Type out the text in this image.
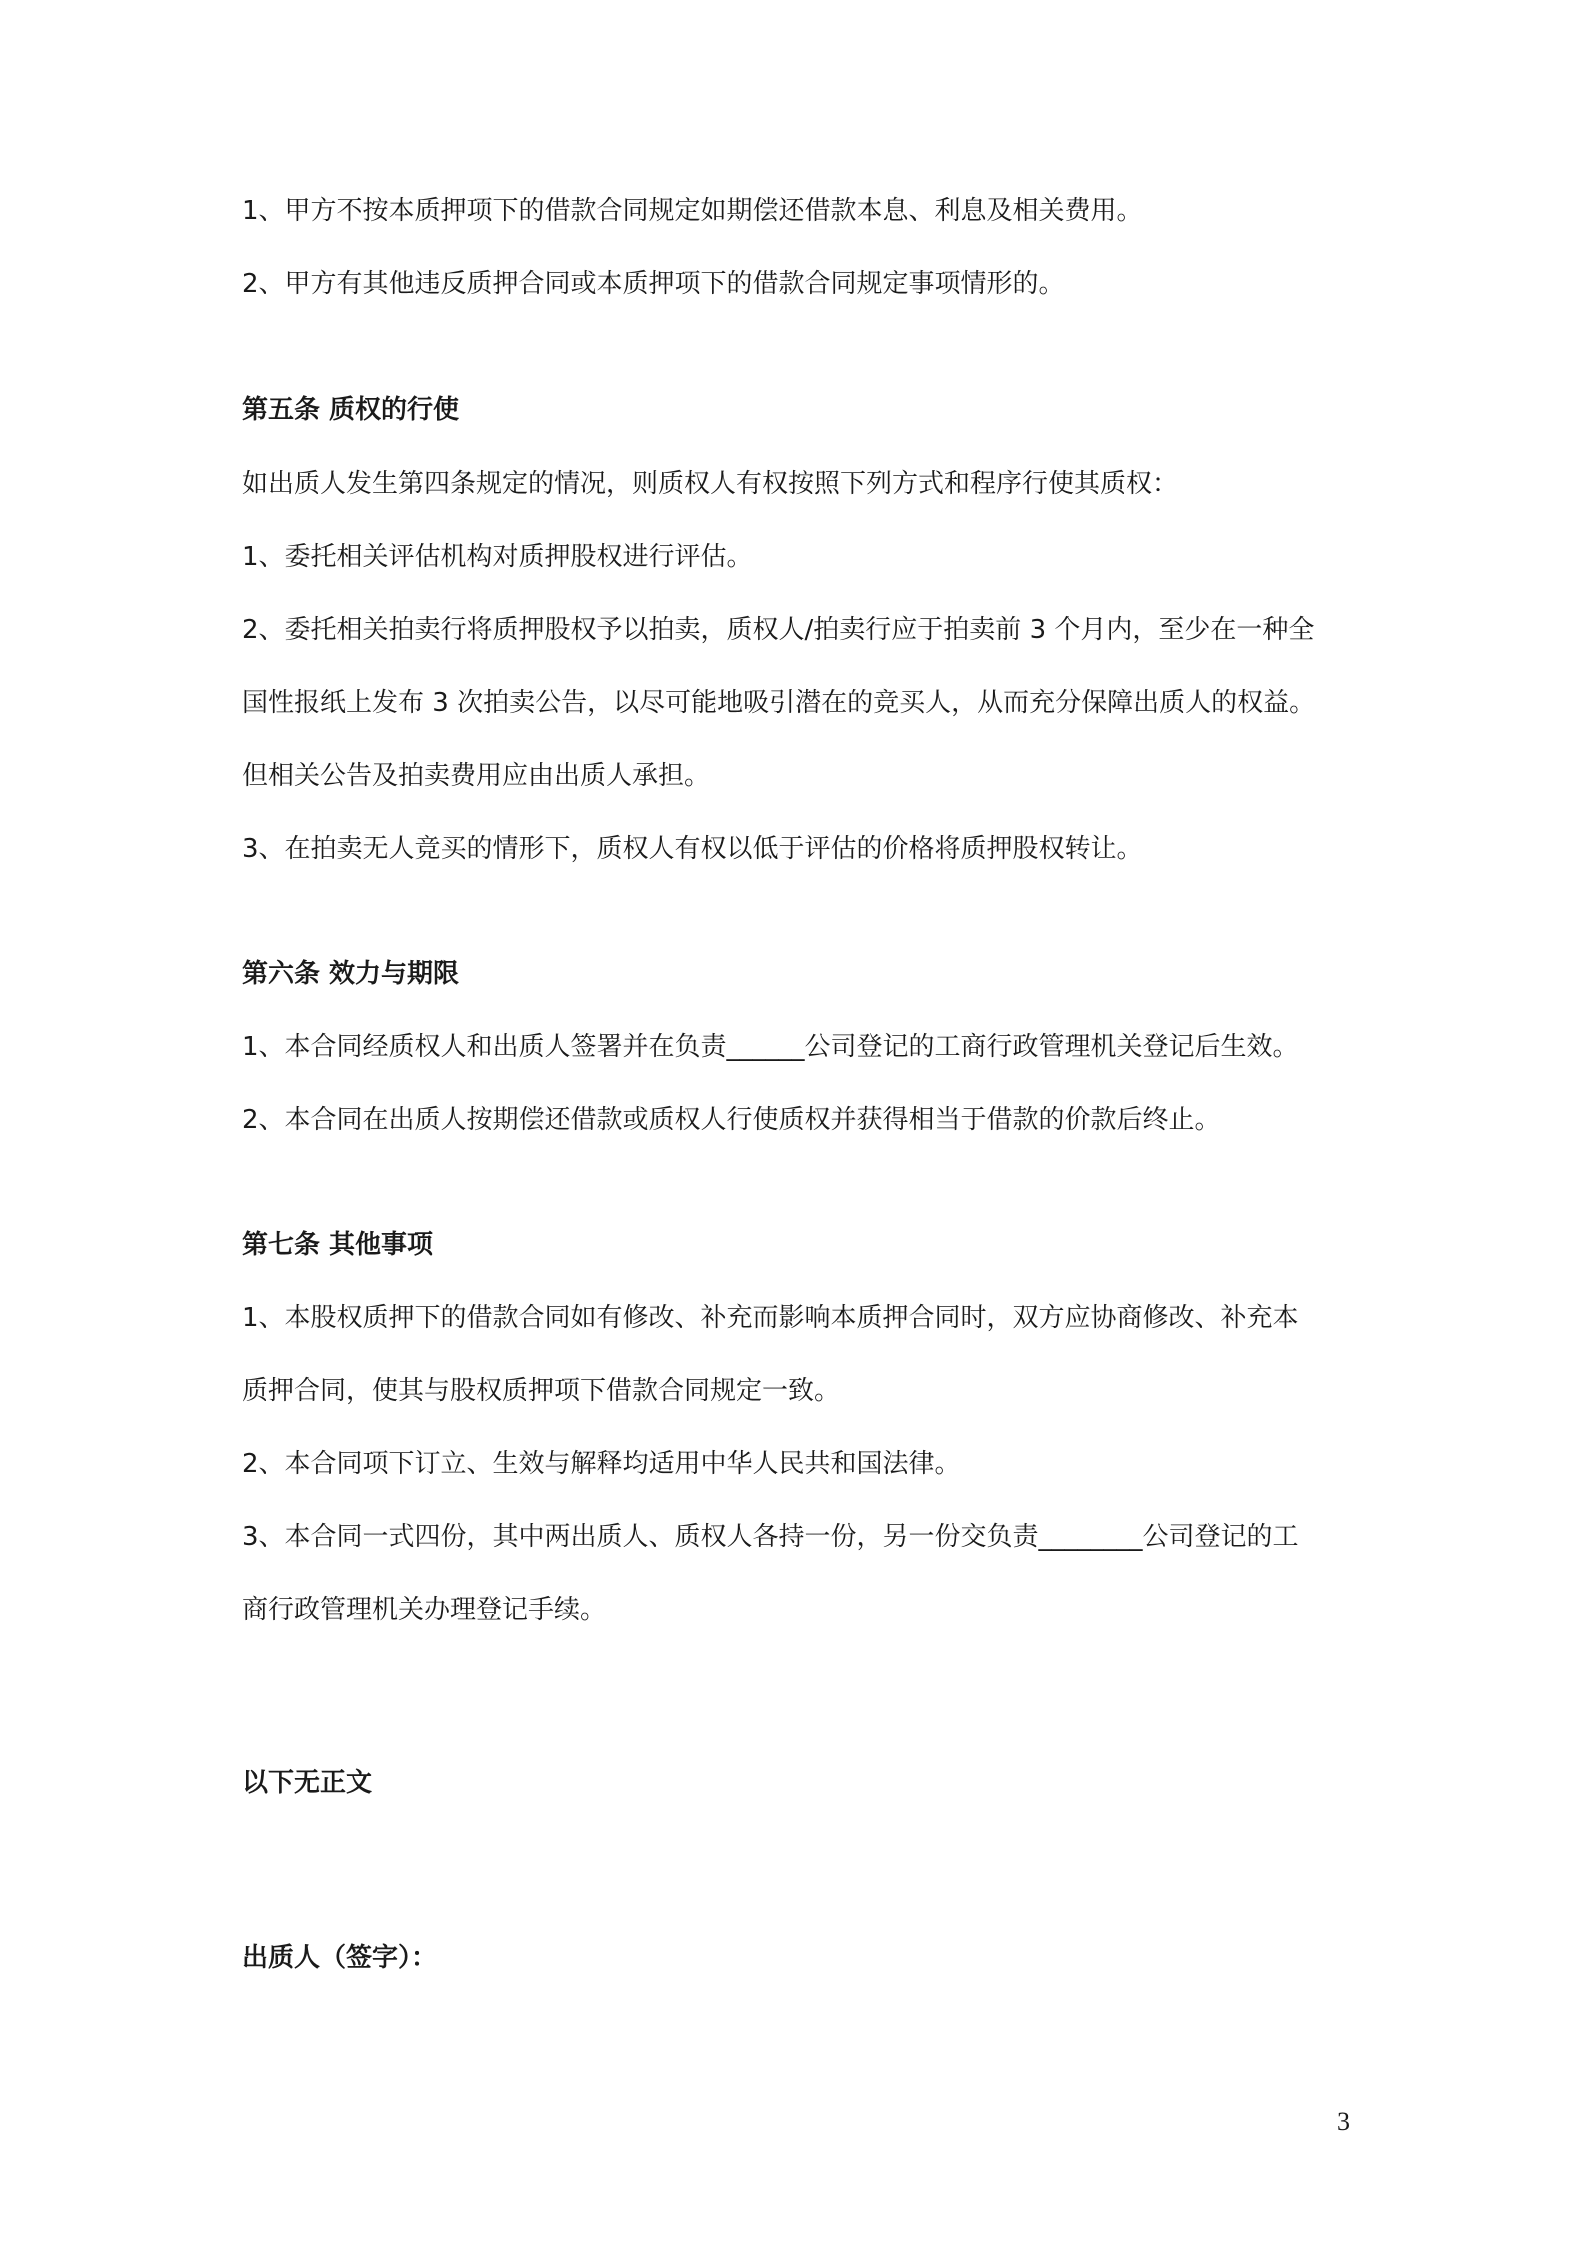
1、甲方不按本质押项下的借款合同规定如期偿还借款本息、利息及相关费用。
2、甲方有其他违反质押合同或本质押项下的借款合同规定事项情形的。
第五条 质权的行使
如出质人发生第四条规定的情况，则质权人有权按照下列方式和程序行使其质权：
1、委托相关评估机构对质押股权进行评估。
2、委托相关拍卖行将质押股权予以拍卖，质权人/拍卖行应于拍卖前 3 个月内，至少在一种全
国性报纸上发布 3 次拍卖公告，以尽可能地吸引潜在的竞买人，从而充分保障出质人的权益。
但相关公告及拍卖费用应由出质人承担。
3、在拍卖无人竞买的情形下，质权人有权以低于评估的价格将质押股权转让。
第六条 效力与期限
1、本合同经质权人和出质人签署并在负责______公司登记的工商行政管理机关登记后生效。
2、本合同在出质人按期偿还借款或质权人行使质权并获得相当于借款的价款后终止。
第七条 其他事项
1、本股权质押下的借款合同如有修改、补充而影响本质押合同时，双方应协商修改、补充本
质押合同，使其与股权质押项下借款合同规定一致。
2、本合同项下订立、生效与解释均适用中华人民共和国法律。
3、本合同一式四份，其中两出质人、质权人各持一份，另一份交负责________公司登记的工
商行政管理机关办理登记手续。
以下无正文
出质人（签字）：
3
